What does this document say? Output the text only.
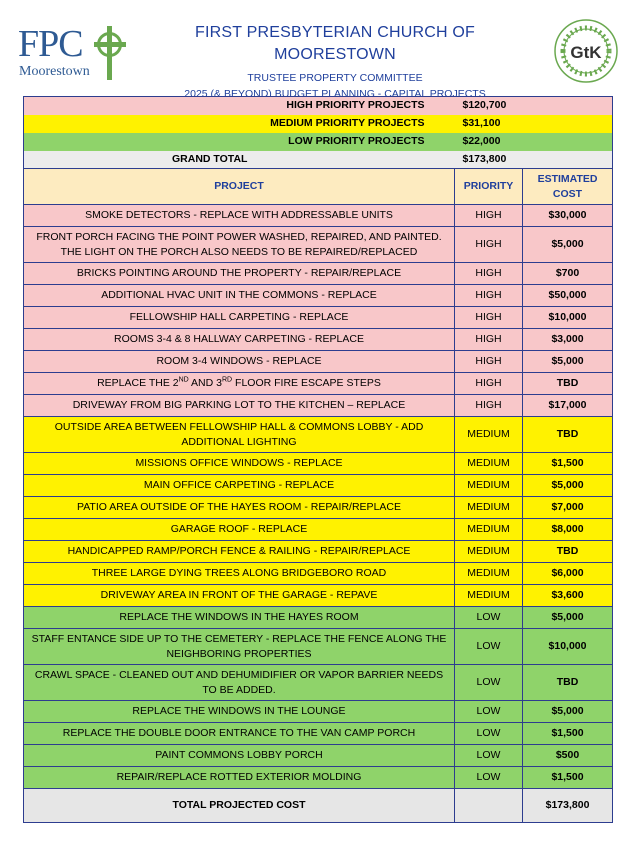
FPC
Moorestown
FIRST PRESBYTERIAN CHURCH OF MOORESTOWN
TRUSTEE PROPERTY COMMITTEE
2025 (& BEYOND) BUDGET PLANNING - CAPITAL PROJECTS
GtK
HIGH PRIORITY PROJECTS	$120,700	
MEDIUM PRIORITY PROJECTS	$31,100	
LOW PRIORITY PROJECTS	$22,000	
GRAND TOTAL	$173,800	
PROJECT	PRIORITY	ESTIMATED COST
SMOKE DETECTORS - REPLACE WITH ADDRESSABLE UNITS	HIGH	$30,000
FRONT PORCH FACING THE POINT POWER WASHED, REPAIRED, AND PAINTED. THE LIGHT ON THE PORCH ALSO NEEDS TO BE REPAIRED/REPLACED	HIGH	$5,000
BRICKS POINTING AROUND THE PROPERTY - REPAIR/REPLACE	HIGH	$700
ADDITIONAL HVAC UNIT IN THE COMMONS - REPLACE	HIGH	$50,000
FELLOWSHIP HALL CARPETING - REPLACE	HIGH	$10,000
ROOMS 3-4 & 8 HALLWAY CARPETING - REPLACE	HIGH	$3,000
ROOM 3-4 WINDOWS - REPLACE	HIGH	$5,000
REPLACE THE 2ND AND 3RD FLOOR FIRE ESCAPE STEPS	HIGH	TBD
DRIVEWAY FROM BIG PARKING LOT TO THE KITCHEN – REPLACE	HIGH	$17,000
OUTSIDE AREA BETWEEN FELLOWSHIP HALL & COMMONS LOBBY - ADD ADDITIONAL LIGHTING	MEDIUM	TBD
MISSIONS OFFICE WINDOWS - REPLACE	MEDIUM	$1,500
MAIN OFFICE CARPETING - REPLACE	MEDIUM	$5,000
PATIO AREA OUTSIDE OF THE HAYES ROOM - REPAIR/REPLACE	MEDIUM	$7,000
GARAGE ROOF - REPLACE	MEDIUM	$8,000
HANDICAPPED RAMP/PORCH FENCE & RAILING - REPAIR/REPLACE	MEDIUM	TBD
THREE LARGE DYING TREES ALONG BRIDGEBORO ROAD	MEDIUM	$6,000
DRIVEWAY AREA IN FRONT OF THE GARAGE - REPAVE	MEDIUM	$3,600
REPLACE THE WINDOWS IN THE HAYES ROOM	LOW	$5,000
STAFF ENTANCE SIDE UP TO THE CEMETERY - REPLACE THE FENCE ALONG THE NEIGHBORING PROPERTIES	LOW	$10,000
CRAWL SPACE - CLEANED OUT AND DEHUMIDIFIER OR VAPOR BARRIER NEEDS TO BE ADDED.	LOW	TBD
REPLACE THE WINDOWS IN THE LOUNGE	LOW	$5,000
REPLACE THE DOUBLE DOOR ENTRANCE TO THE VAN CAMP PORCH	LOW	$1,500
PAINT COMMONS LOBBY PORCH	LOW	$500
REPAIR/REPLACE ROTTED EXTERIOR MOLDING	LOW	$1,500
TOTAL PROJECTED COST		$173,800
